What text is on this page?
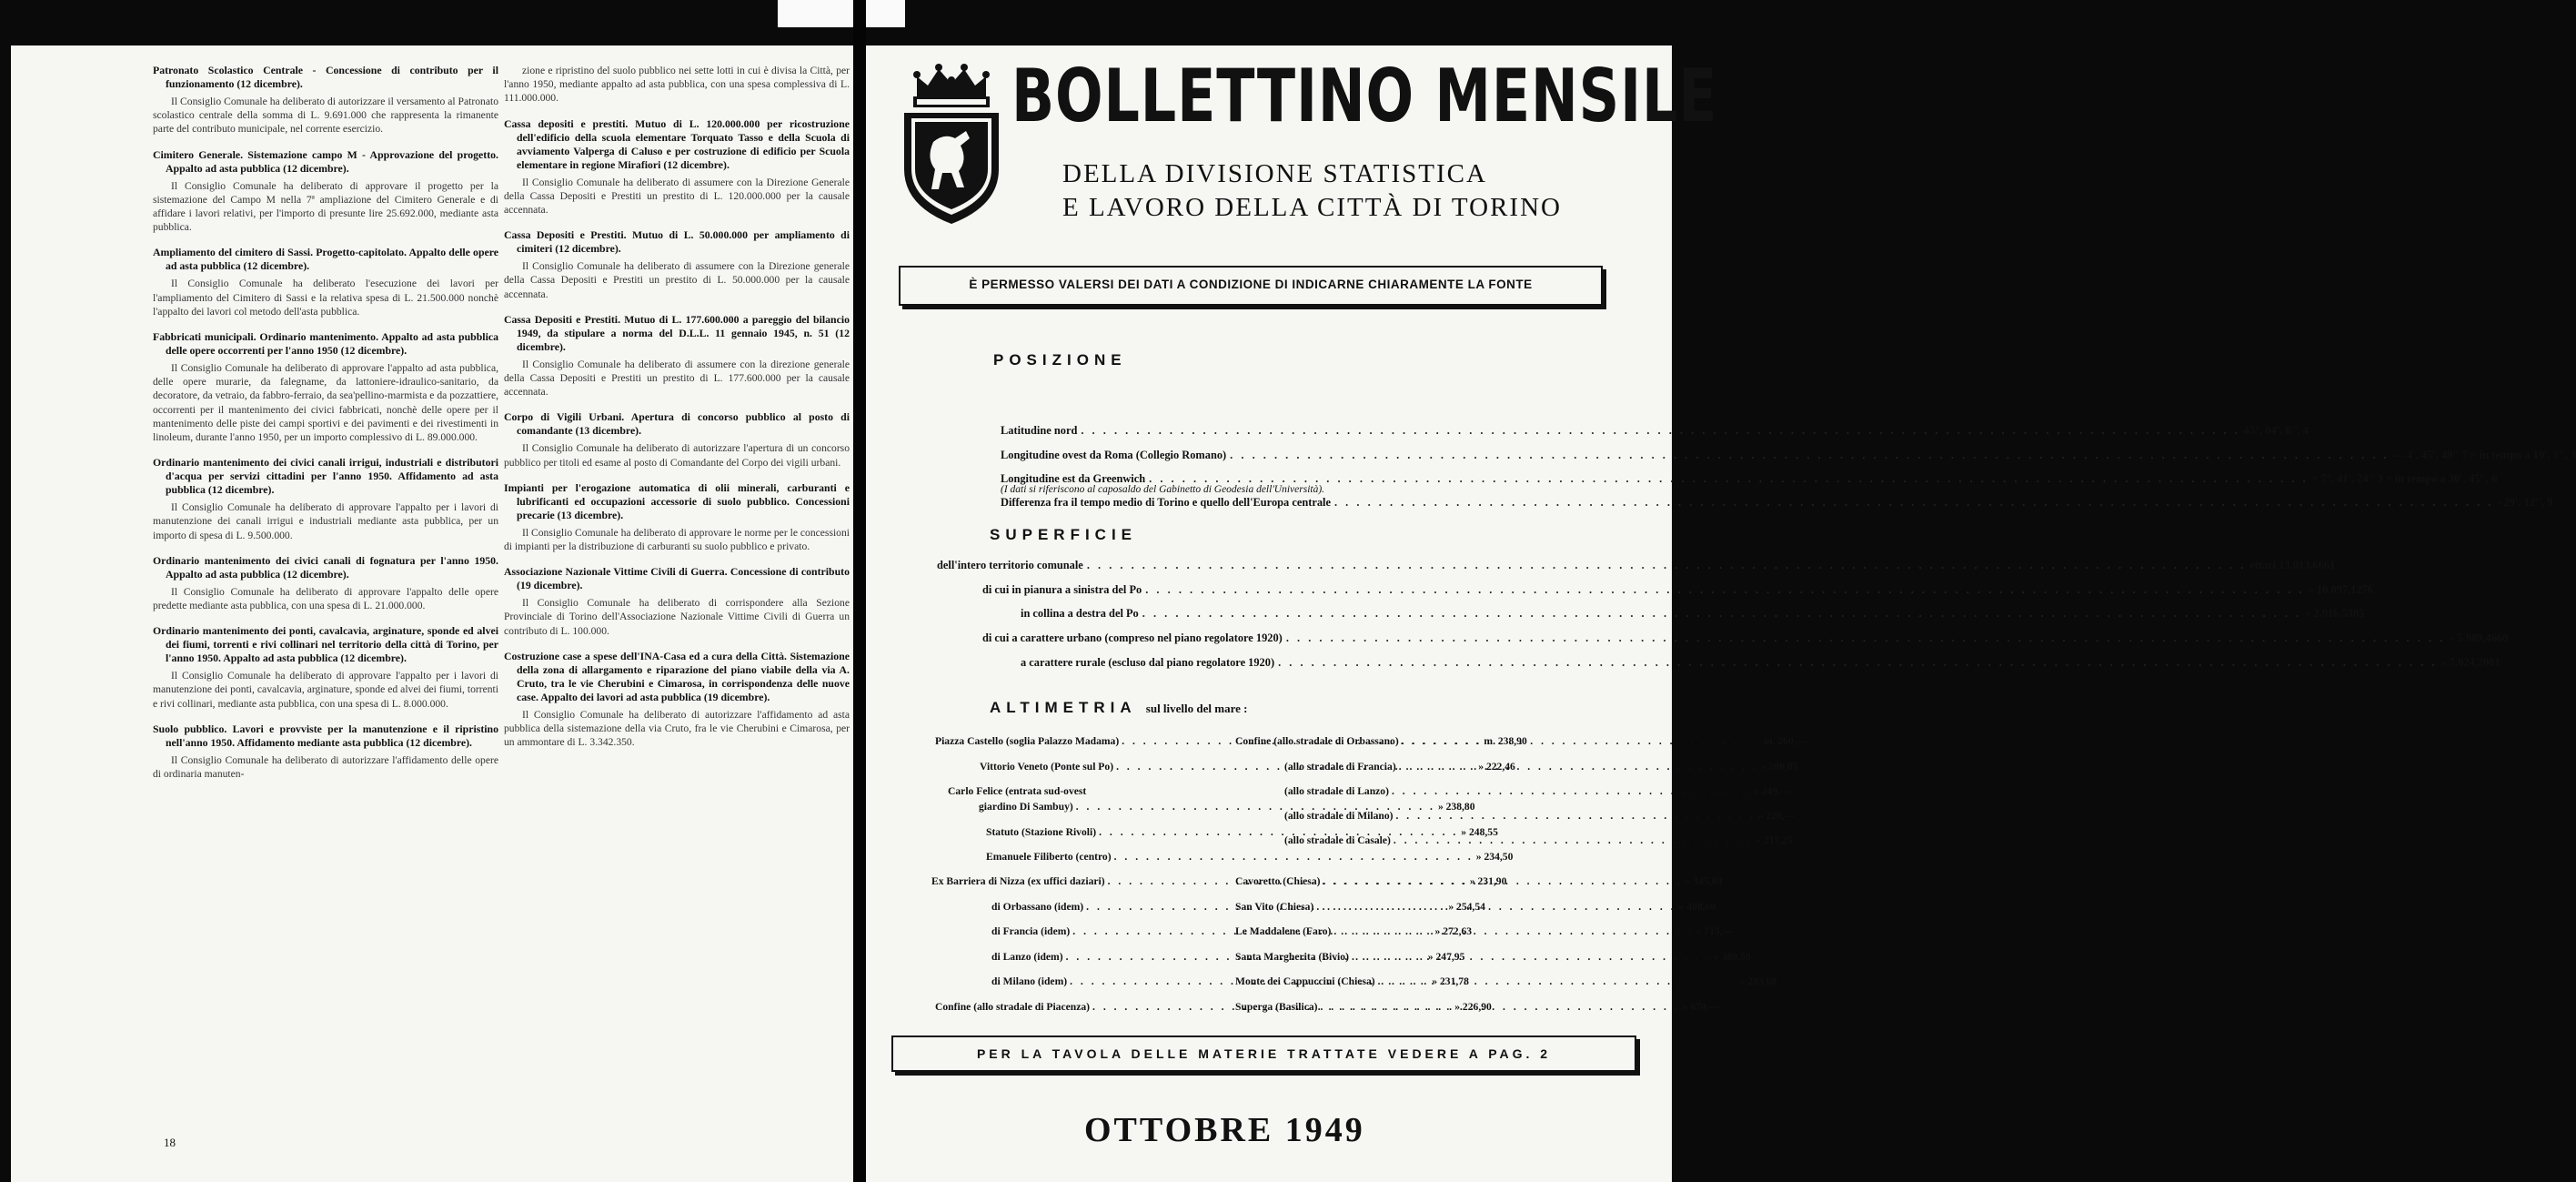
Patronato Scolastico Centrale - Concessione di contributo per il funzionamento (12 dicembre).

Il Consiglio Comunale ha deliberato di autorizzare il versamento al Patronato scolastico centrale della somma di L. 9.691.000 che rappresenta la rimanente parte del contributo municipale, nel corrente esercizio.

Cimitero Generale. Sistemazione campo M - Approvazione del progetto. Appalto ad asta pubblica (12 dicembre).

Il Consiglio Comunale ha deliberato di approvare il progetto per la sistemazione del Campo M nella 7ª ampliazione del Cimitero Generale e di affidare i lavori relativi, per l'importo di presunte lire 25.692.000, mediante asta pubblica.

Ampliamento del cimitero di Sassi. Progetto-capitolato. Appalto delle opere ad asta pubblica (12 dicembre).

Il Consiglio Comunale ha deliberato l'esecuzione dei lavori per l'ampliamento del Cimitero di Sassi e la relativa spesa di L. 21.500.000 nonchè l'appalto dei lavori col metodo dell'asta pubblica.

Fabbricati municipali. Ordinario mantenimento. Appalto ad asta pubblica delle opere occorrenti per l'anno 1950 (12 dicembre).

Il Consiglio Comunale ha deliberato di approvare l'appalto ad asta pubblica, delle opere murarie, da falegname, da lattoniere-idraulico-sanitario, da decoratore, da vetraio, da fabbro-ferraio, da sea'pellino-marmista e da pozzattiere, occorrenti per il mantenimento dei civici fabbricati, nonchè delle opere per il mantenimento delle piste dei campi sportivi e dei pavimenti e dei rivestimenti in linoleum, durante l'anno 1950, per un importo complessivo di L. 89.000.000.

Ordinario mantenimento dei civici canali irrigui, industriali e distributori d'acqua per servizi cittadini per l'anno 1950. Affidamento ad asta pubblica (12 dicembre).

Il Consiglio Comunale ha deliberato di approvare l'appalto per i lavori di manutenzione dei canali irrigui e industriali mediante asta pubblica, per un importo di spesa di L. 9.500.000.

Ordinario mantenimento dei civici canali di fognatura per l'anno 1950. Appalto ad asta pubblica (12 dicembre).

Il Consiglio Comunale ha deliberato di approvare l'appalto delle opere predette mediante asta pubblica, con una spesa di L. 21.000.000.

Ordinario mantenimento dei ponti, cavalcavia, arginature, sponde ed alvei dei fiumi, torrenti e rivi collinari nel territorio della città di Torino, per l'anno 1950. Appalto ad asta pubblica (12 dicembre).

Il Consiglio Comunale ha deliberato di approvare l'appalto per i lavori di manutenzione dei ponti, cavalcavia, arginature, sponde ed alvei dei fiumi, torrenti e rivi collinari, mediante asta pubblica, con una spesa di L. 8.000.000.

Suolo pubblico. Lavori e provviste per la manutenzione e il ripristino nell'anno 1950. Affidamento mediante asta pubblica (12 dicembre).

Il Consiglio Comunale ha deliberato di autorizzare l'affidamento delle opere di ordinaria manuten-

zione e ripristino del suolo pubblico nei sette lotti in cui è divisa la Città, per l'anno 1950, mediante appalto ad asta pubblica, con una spesa complessiva di L. 111.000.000.

Cassa depositi e prestiti. Mutuo di L. 120.000.000 per ricostruzione dell'edificio della scuola elementare Torquato Tasso e della Scuola di avviamento Valperga di Caluso e per costruzione di edificio per Scuola elementare in regione Mirafiori (12 dicembre).

Il Consiglio Comunale ha deliberato di assumere con la Direzione Generale della Cassa Depositi e Prestiti un prestito di L. 120.000.000 per la causale accennata.

Cassa Depositi e Prestiti. Mutuo di L. 50.000.000 per ampliamento di cimiteri (12 dicembre).

Il Consiglio Comunale ha deliberato di assumere con la Direzione generale della Cassa Depositi e Prestiti un prestito di L. 50.000.000 per la causale accennata.

Cassa Depositi e Prestiti. Mutuo di L. 177.600.000 a pareggio del bilancio 1949, da stipulare a norma del D.L.L. 11 gennaio 1945, n. 51 (12 dicembre).

Il Consiglio Comunale ha deliberato di assumere con la direzione generale della Cassa Depositi e Prestiti un prestito di L. 177.600.000 per la causale accennata.

Corpo di Vigili Urbani. Apertura di concorso pubblico al posto di comandante (13 dicembre).

Il Consiglio Comunale ha deliberato di autorizzare l'apertura di un concorso pubblico per titoli ed esame al posto di Comandante del Corpo dei vigili urbani.

Impianti per l'erogazione automatica di olii minerali, carburanti e lubrificanti ed occupazioni accessorie di suolo pubblico. Concessioni precarie (13 dicembre).

Il Consiglio Comunale ha deliberato di approvare le norme per le concessioni di impianti per la distribuzione di carburanti su suolo pubblico e privato.

Associazione Nazionale Vittime Civili di Guerra. Concessione di contributo (19 dicembre).

Il Consiglio Comunale ha deliberato di corrispondere alla Sezione Provinciale di Torino dell'Associazione Nazionale Vittime Civili di Guerra un contributo di L. 100.000.

Costruzione case a spese dell'INA-Casa ed a cura della Città. Sistemazione della zona di allargamento e riparazione del piano viabile della via A. Cruto, tra le vie Cherubini e Cimarosa, in corrispondenza delle nuove case. Appalto dei lavori ad asta pubblica (19 dicembre).

Il Consiglio Comunale ha deliberato di autorizzare l'affidamento ad asta pubblica della sistemazione della via Cruto, fra le vie Cherubini e Cimarosa, per un ammontare di L. 3.342.350.

18
BOLLETTINO MENSILE
DELLA DIVISIONE STATISTICA
E LAVORO DELLA CITTÀ DI TORINO
È PERMESSO VALERSI DEI DATI A CONDIZIONE DI INDICARNE CHIARAMENTE LA FONTE
POSIZIONE
Latitudine nord . . .	45°, 04', 8'', 4
Longitudine ovest da Roma (Collegio Romano) . . .	— 4', 45', 49'' 7 = in tempo a 19', 3'', 3
Longitudine est da Greenwich . . .	+ 7°, 41', 24'' 3 = in tempo a 30', 45'', 6
Differenza fra il tempo medio di Torino e quello dell'Europa centrale . . .	- 29', 12'', 9
(I dati si riferiscono al caposaldo del Gabinetto di Geodesia dell'Università).
SUPERFICIE
dell'intero territorio comunale . . .	ettari 13.013,6661
di cui in pianura a sinistra del Po . . .	» 10.097,1276
in collina a destra del Po . . .	» 2.916,5385
di cui a carattere urbano (compreso nel piano regolatore 1920) . . .	» 5.989,4660
a carattere rurale (escluso dal piano regolatore 1920) . . .	» 7.024,2001
ALTIMETRIA sul livello del mare :
Piazza Castello (soglia Palazzo Madama) . . .	m. 238,90
Vittorio Veneto (Ponte sul Po) . . .	» 222,46
Carlo Felice (entrata sud-ovest
giardino Di Sambuy) . . .	» 238,80
Statuto (Stazione Rivoli) . . .	» 248,55
Emanuele Filiberto (centro) . . .	» 234,50
Ex Barriera di Nizza (ex uffici daziari) . . .	» 231,90
di Orbassano (idem) . . .	» 254,54
di Francia (idem) . . .	» 272,63
di Lanzo (idem) . . .	» 247,95
di Milano (idem) . . .	» 231,78
Confine (allo stradale di Piacenza) . . .	» 226,90
Confine (allo stradale di Orbassano) . . .	m. 260,—
(allo stradale di Francia) . . .	» 280,85
(allo stradale di Lanzo) . . .	» 249,—
(allo stradale di Milano) . . .	» 220,—
(allo stradale di Casale) . . .	» 217,25
Cavoretto (Chiesa) . . .	» 345,80
San Vito (Chiesa) . . .	» 408,60
Le Maddalene (Faro) . . .	» 715,—
Santa Margherita (Bivio) . . .	» 389,50
Monte dei Cappuccini (Chiesa) . . .	» 283,68
Superga (Basilica) . . .	» 670,—
PER LA TAVOLA DELLE MATERIE TRATTATE VEDERE A PAG. 2
OTTOBRE 1949
